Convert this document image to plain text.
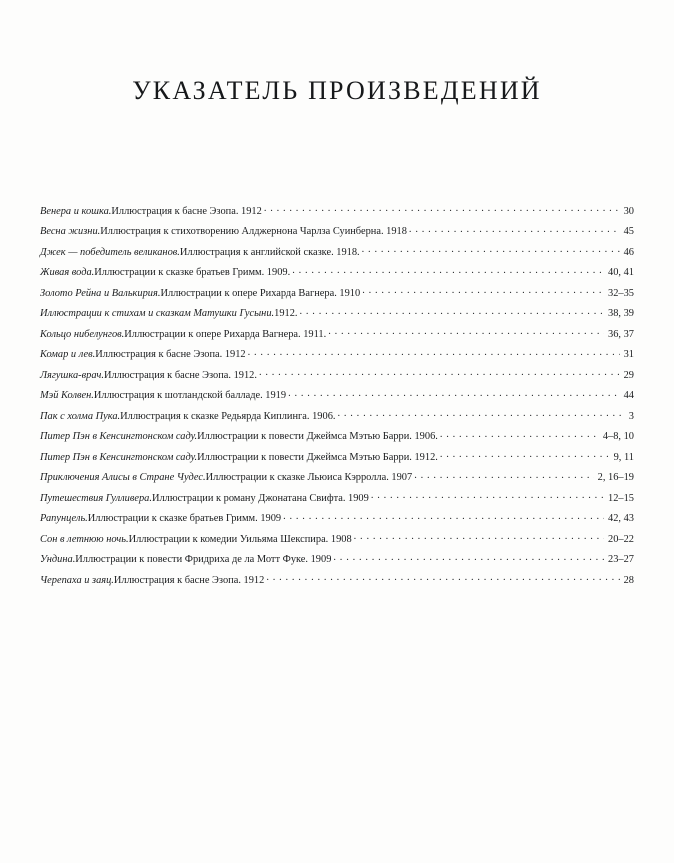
УКАЗАТЕЛЬ ПРОИЗВЕДЕНИЙ
Венера и кошка. Иллюстрация к басне Эзопа. 1912 . . .	30
Весна жизни. Иллюстрация к стихотворению Алджернона Чарлза Суинберна. 1918 . . .	45
Джек — победитель великанов. Иллюстрация к английской сказке. 1918. . . .	46
Живая вода. Иллюстрации к сказке братьев Гримм. 1909. . . .	40, 41
Золото Рейна и Валькирия. Иллюстрации к опере Рихарда Вагнера. 1910 . . .	32–35
Иллюстрации к стихам и сказкам Матушки Гусыни. 1912. . . .	38, 39
Кольцо нибелунгов. Иллюстрации к опере Рихарда Вагнера. 1911. . . .	36, 37
Комар и лев. Иллюстрация к басне Эзопа. 1912 . . .	31
Лягушка-врач. Иллюстрация к басне Эзопа. 1912. . . .	29
Мэй Колвен. Иллюстрация к шотландской балладе. 1919 . . .	44
Пак с холма Пука. Иллюстрация к сказке Редьярда Киплинга. 1906. . . .	3
Питер Пэн в Кенсингтонском саду. Иллюстрации к повести Джеймса Мэтью Барри. 1906. . . .	4–8, 10
Питер Пэн в Кенсингтонском саду. Иллюстрации к повести Джеймса Мэтью Барри. 1912. . . .	9, 11
Приключения Алисы в Стране Чудес. Иллюстрации к сказке Льюиса Кэрролла. 1907 . . .	2, 16–19
Путешествия Гулливера. Иллюстрации к роману Джонатана Свифта. 1909 . . .	12–15
Рапунцель. Иллюстрации к сказке братьев Гримм. 1909 . . .	42, 43
Сон в летнюю ночь. Иллюстрации к комедии Уильяма Шекспира. 1908 . . .	20–22
Ундина. Иллюстрации к повести Фридриха де ла Мотт Фуке. 1909 . . .	23–27
Черепаха и заяц. Иллюстрация к басне Эзопа. 1912 . . .	28
